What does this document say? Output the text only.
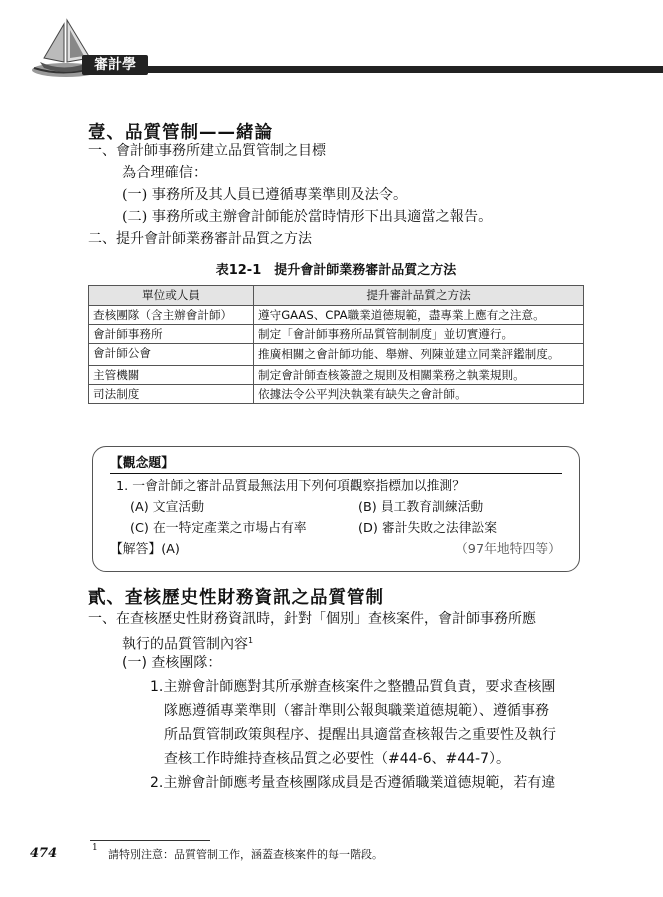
審計學
壹、品質管制——緒論
一、會計師事務所建立品質管制之目標
為合理確信：
(一) 事務所及其人員已遵循專業準則及法令。
(二) 事務所或主辦會計師能於當時情形下出具適當之報告。
二、提升會計師業務審計品質之方法
表12-1　提升會計師業務審計品質之方法
單位或人員	提升審計品質之方法
查核團隊（含主辦會計師）	遵守GAAS、CPA職業道德規範，盡專業上應有之注意。
會計師事務所	制定「會計師事務所品質管制制度」並切實遵行。
會計師公會	推廣相關之會計師功能、舉辦、列陳並建立同業評鑑制度。
主管機關	制定會計師查核簽證之規則及相關業務之執業規則。
司法制度	依據法令公平判決執業有缺失之會計師。
【觀念題】
1. 一會計師之審計品質最無法用下列何項觀察指標加以推測？
(A) 文宣活動	(B) 員工教育訓練活動
(C) 在一特定產業之市場占有率	(D) 審計失敗之法律訟案
【解答】(A)	（97年地特四等）
貳、查核歷史性財務資訊之品質管制
一、在查核歷史性財務資訊時，針對「個別」查核案件，會計師事務所應
執行的品質管制內容$^1$
(一) 查核團隊：
1.主辦會計師應對其所承辦查核案件之整體品質負責，要求查核團
隊應遵循專業準則（審計準則公報與職業道德規範）、遵循事務
所品質管制政策與程序、提醒出具適當查核報告之重要性及執行
查核工作時維持查核品質之必要性（#44-6、#44-7）。
2.主辦會計師應考量查核團隊成員是否遵循職業道德規範，若有違
474	1 請特別注意：品質管制工作，涵蓋查核案件的每一階段。
